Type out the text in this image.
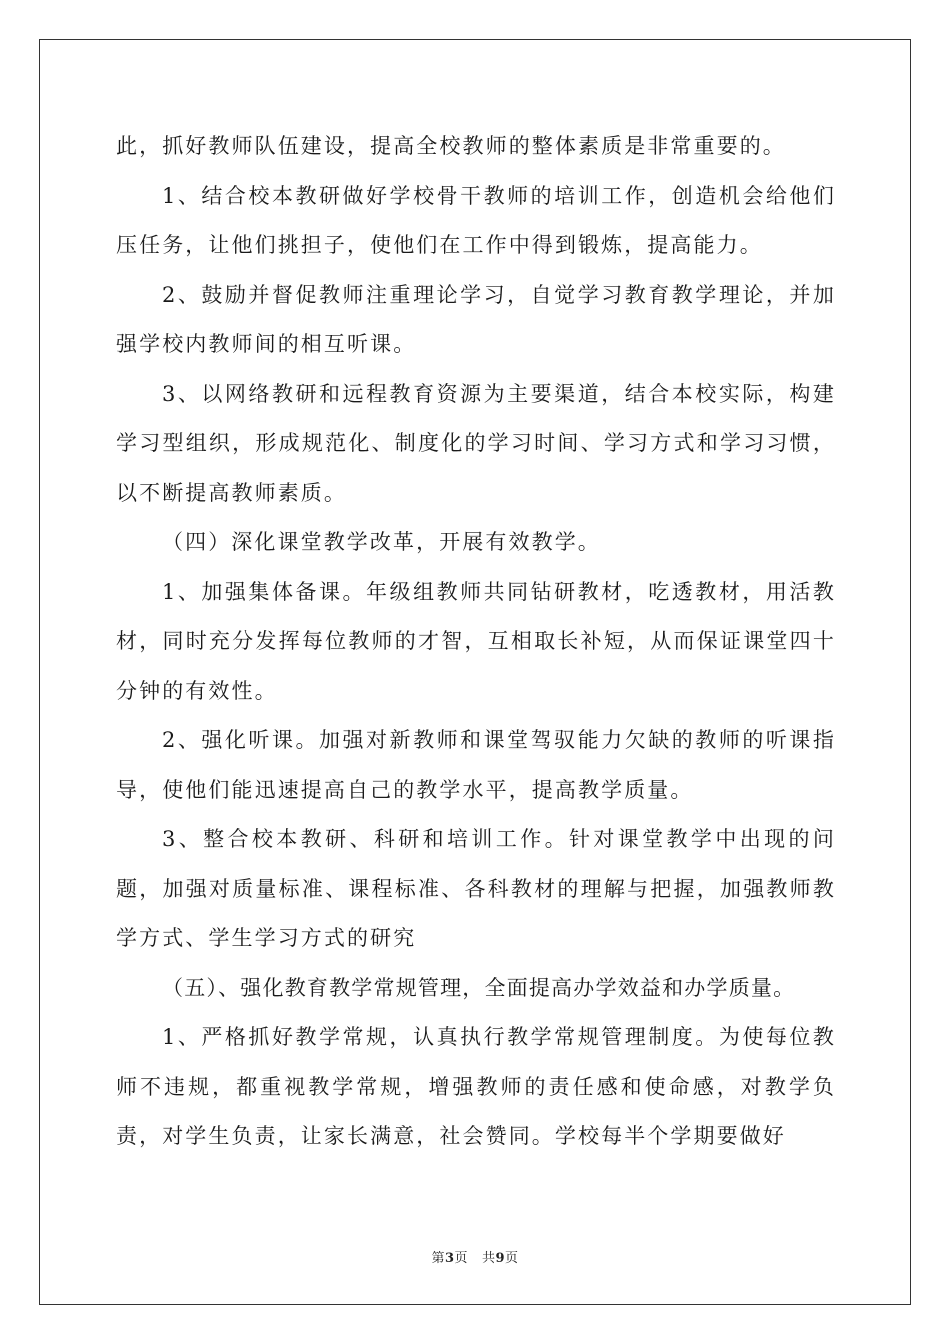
此，抓好教师队伍建设，提高全校教师的整体素质是非常重要的。

1、结合校本教研做好学校骨干教师的培训工作，创造机会给他们压任务，让他们挑担子，使他们在工作中得到锻炼，提高能力。

2、鼓励并督促教师注重理论学习，自觉学习教育教学理论，并加强学校内教师间的相互听课。

3、以网络教研和远程教育资源为主要渠道，结合本校实际，构建学习型组织，形成规范化、制度化的学习时间、学习方式和学习习惯，以不断提高教师素质。

（四）深化课堂教学改革，开展有效教学。

1、加强集体备课。年级组教师共同钻研教材，吃透教材，用活教材，同时充分发挥每位教师的才智，互相取长补短，从而保证课堂四十分钟的有效性。

2、强化听课。加强对新教师和课堂驾驭能力欠缺的教师的听课指导，使他们能迅速提高自己的教学水平，提高教学质量。

3、整合校本教研、科研和培训工作。针对课堂教学中出现的问题，加强对质量标准、课程标准、各科教材的理解与把握，加强教师教学方式、学生学习方式的研究

（五）、强化教育教学常规管理，全面提高办学效益和办学质量。

1、严格抓好教学常规，认真执行教学常规管理制度。为使每位教师不违规，都重视教学常规，增强教师的责任感和使命感，对教学负责，对学生负责，让家长满意，社会赞同。学校每半个学期要做好

第3页 共9页
